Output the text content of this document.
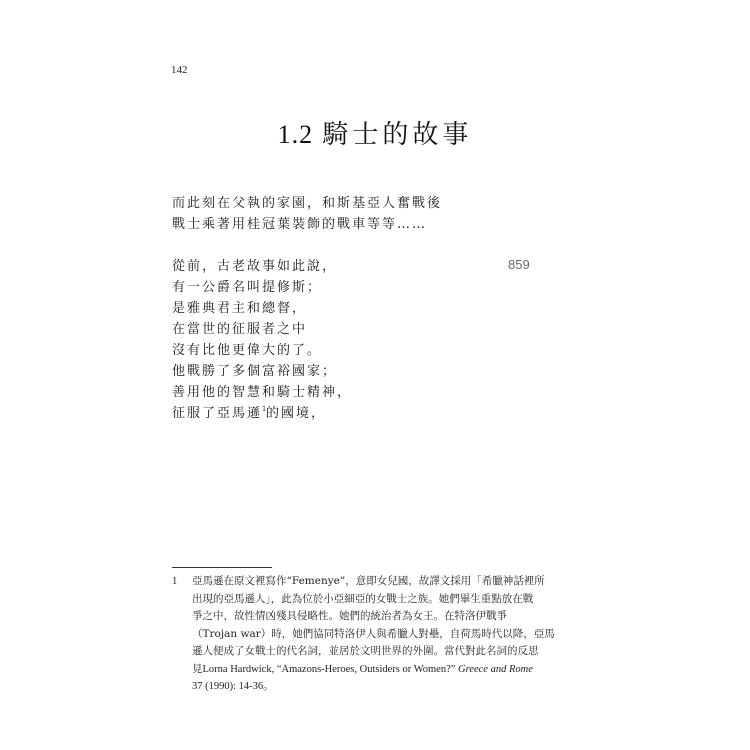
142
1.2 騎士的故事
而此刻在父執的家園，和斯基亞人奮戰後
戰士乘著用桂冠葉裝飾的戰車等等……
859
從前，古老故事如此說，
有一公爵名叫提修斯；
是雅典君主和總督，
在當世的征服者之中
沒有比他更偉大的了。
他戰勝了多個富裕國家；
善用他的智慧和騎士精神，
征服了亞馬遜$^1$的國境，
1 亞馬遜在原文裡寫作“Femenye”，意即女兒國，故譯文採用「希臘神話裡所
出現的亞馬遜人」，此為位於小亞細亞的女戰士之族。她們畢生重點放在戰
爭之中，故性情凶殘具侵略性。她們的統治者為女王。在特洛伊戰爭
（Trojan war）時，她們協同特洛伊人與希臘人對壘，自荷馬時代以降，亞馬
遜人便成了女戰士的代名詞，並居於文明世界的外圍。當代對此名詞的反思
見Lorna Hardwick, “Amazons-Heroes, Outsiders or Women?” Greece and Rome
37 (1990): 14-36。
